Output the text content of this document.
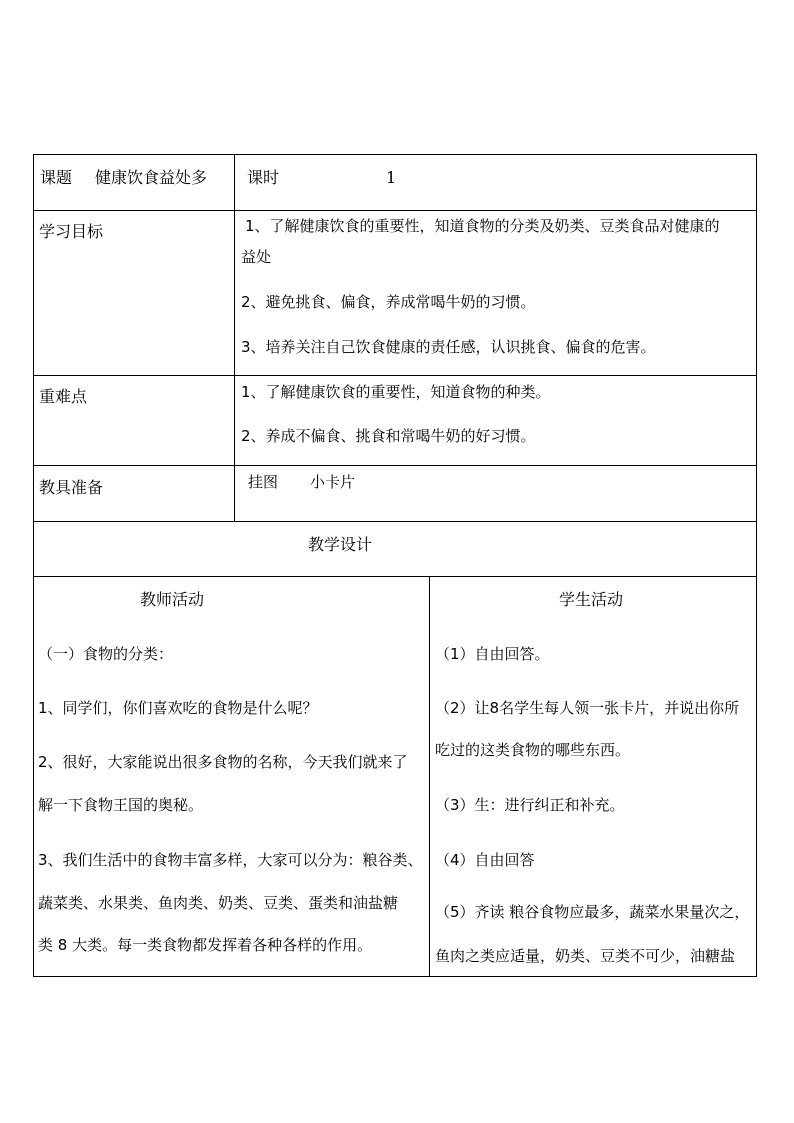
课题 健康饮食益处多 课时	1
学习目标	1、了解健康饮食的重要性，知道食物的分类及奶类、豆类食品对健康的
益处
2、避免挑食、偏食，养成常喝牛奶的习惯。
3、培养关注自己饮食健康的责任感，认识挑食、偏食的危害。
重难点	1、了解健康饮食的重要性，知道食物的种类。
2、养成不偏食、挑食和常喝牛奶的好习惯。
教具准备	挂图 小卡片
教学设计
教师活动	学生活动
（一）食物的分类：
1、同学们，你们喜欢吃的食物是什么呢？
2、很好，大家能说出很多食物的名称，今天我们就来了
解一下食物王国的奥秘。
3、我们生活中的食物丰富多样，大家可以分为：粮谷类、
蔬菜类、水果类、鱼肉类、奶类、豆类、蛋类和油盐糖
类 8 大类。每一类食物都发挥着各种各样的作用。
（1）自由回答。
（2）让8名学生每人领一张卡片，并说出你所
吃过的这类食物的哪些东西。
（3）生：进行纠正和补充。
（4）自由回答
（5）齐读 粮谷食物应最多，蔬菜水果量次之，
鱼肉之类应适量，奶类、豆类不可少，油糖盐
